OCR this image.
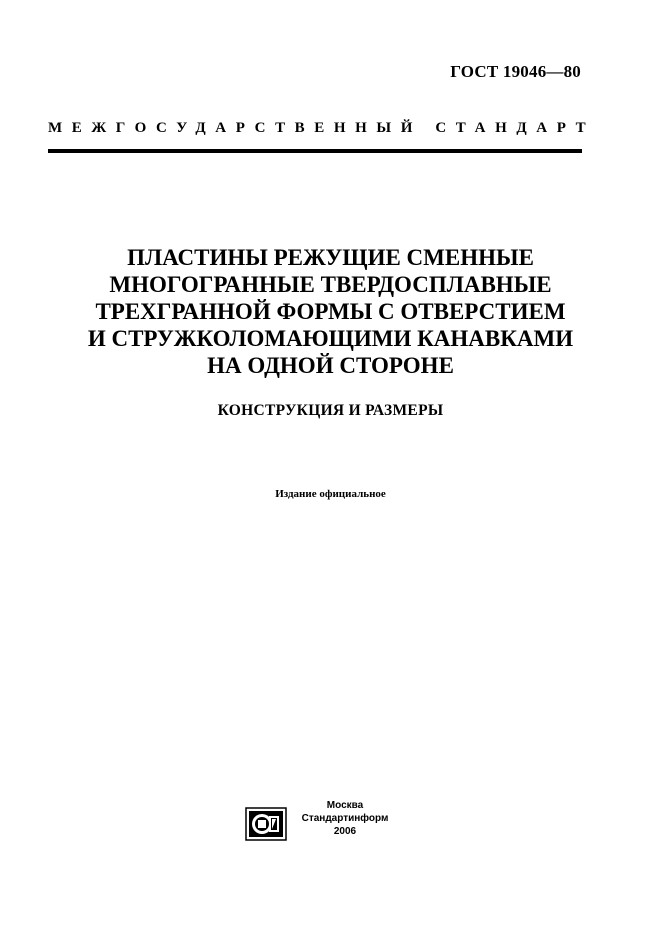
ГОСТ 19046—80
МЕЖГОСУДАРСТВЕННЫЙ СТАНДАРТ
ПЛАСТИНЫ РЕЖУЩИЕ СМЕННЫЕ
МНОГОГРАННЫЕ ТВЕРДОСПЛАВНЫЕ
ТРЕХГРАННОЙ ФОРМЫ С ОТВЕРСТИЕМ
И СТРУЖКОЛОМАЮЩИМИ КАНАВКАМИ
НА ОДНОЙ СТОРОНЕ
КОНСТРУКЦИЯ И РАЗМЕРЫ
Издание официальное
Москва
Стандартинформ
2006
